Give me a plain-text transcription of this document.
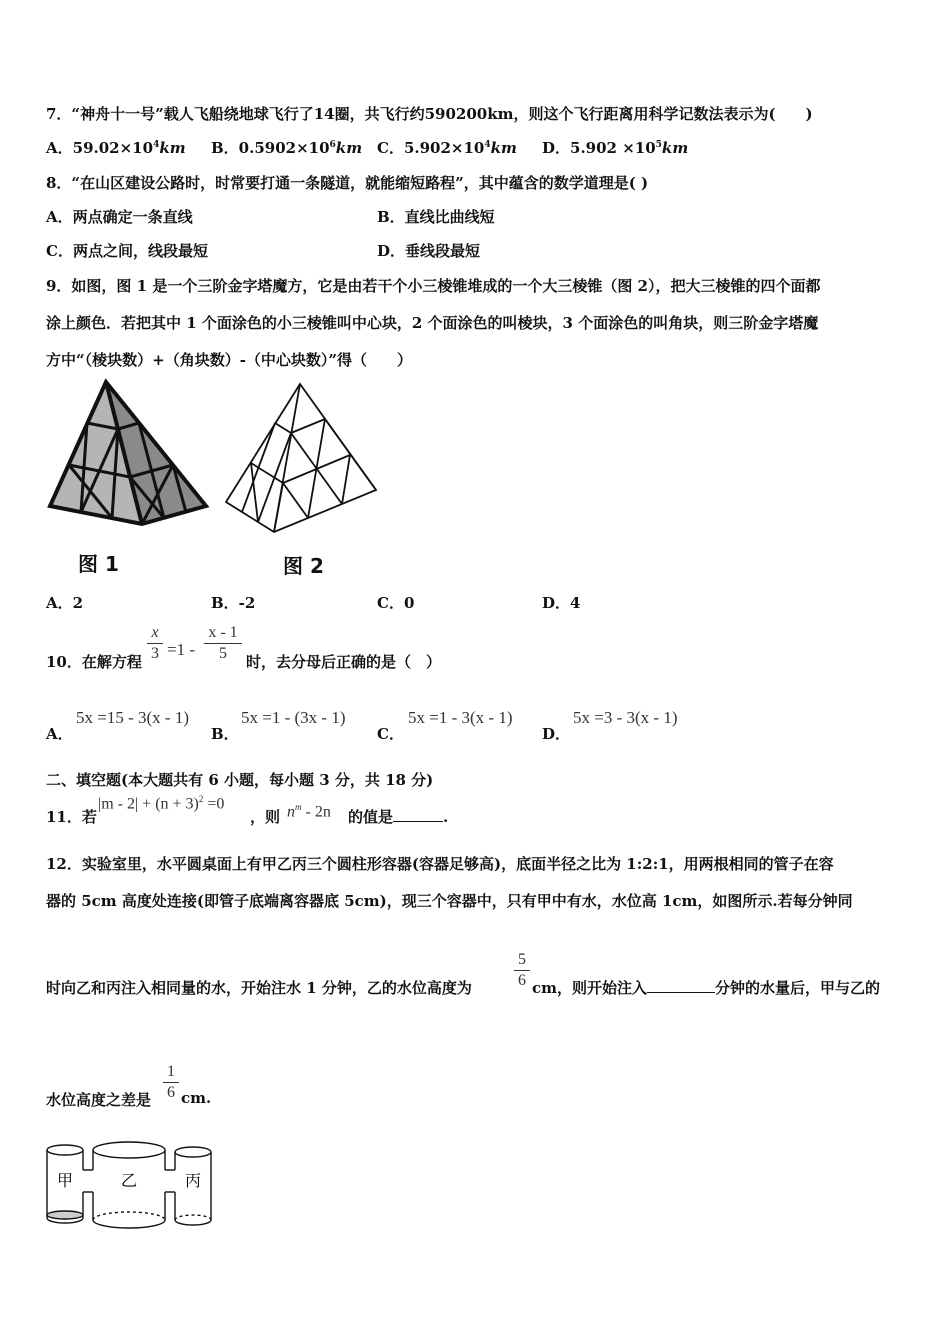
7．“神舟十一号”载人飞船绕地球飞行了14圈，共飞行约590200km，则这个飞行距离用科学记数法表示为(　　)
A．$59.02\times 10^4km$ B．$0.5902\times 10^6km$ C．$5.902\times 10^4km$ D．$5.902 \times 10^5km$
8．“在山区建设公路时，时常要打通一条隧道，就能缩短路程”，其中蕴含的数学道理是( )
A．两点确定一条直线	B．直线比曲线短
C．两点之间，线段最短	D．垂线段最短
9．如图，图 1 是一个三阶金字塔魔方，它是由若干个小三棱锥堆成的一个大三棱锥（图 2），把大三棱锥的四个面都
涂上颜色．若把其中 1 个面涂色的小三棱锥叫中心块，2 个面涂色的叫棱块，3 个面涂色的叫角块，则三阶金字塔魔
方中“（棱块数）+（角块数）-（中心块数）”得（　　）
图 1	图 2
A．2	B．-2	C．0	D．4
10．在解方程
x
3 =1 -
x - 1
5	时，去分母后正确的是（　）
A．
5x =15 - 3(x - 1)
B．
5x =1 - (3x - 1)
C．
5x =1 - 3(x - 1)
D．
5x =3 - 3(x - 1)
二、填空题(本大题共有 6 小题，每小题 3 分，共 18 分)
11．若
$|m - 2| + (n + 3)^2 =0$
，则 $n^m - 2n$ 的值是	.
12．实验室里，水平圆桌面上有甲乙丙三个圆柱形容器(容器足够高)，底面半径之比为 1:2:1，用两根相同的管子在容
器的 5cm 高度处连接(即管子底端离容器底 5cm)，现三个容器中，只有甲中有水，水位高 1cm，如图所示.若每分钟同
时向乙和丙注入相同量的水，开始注水 1 分钟，乙的水位高度为
5
6 cm，则开始注入	分钟的水量后，甲与乙的
水位高度之差是
1
6 cm.
甲	乙	丙
